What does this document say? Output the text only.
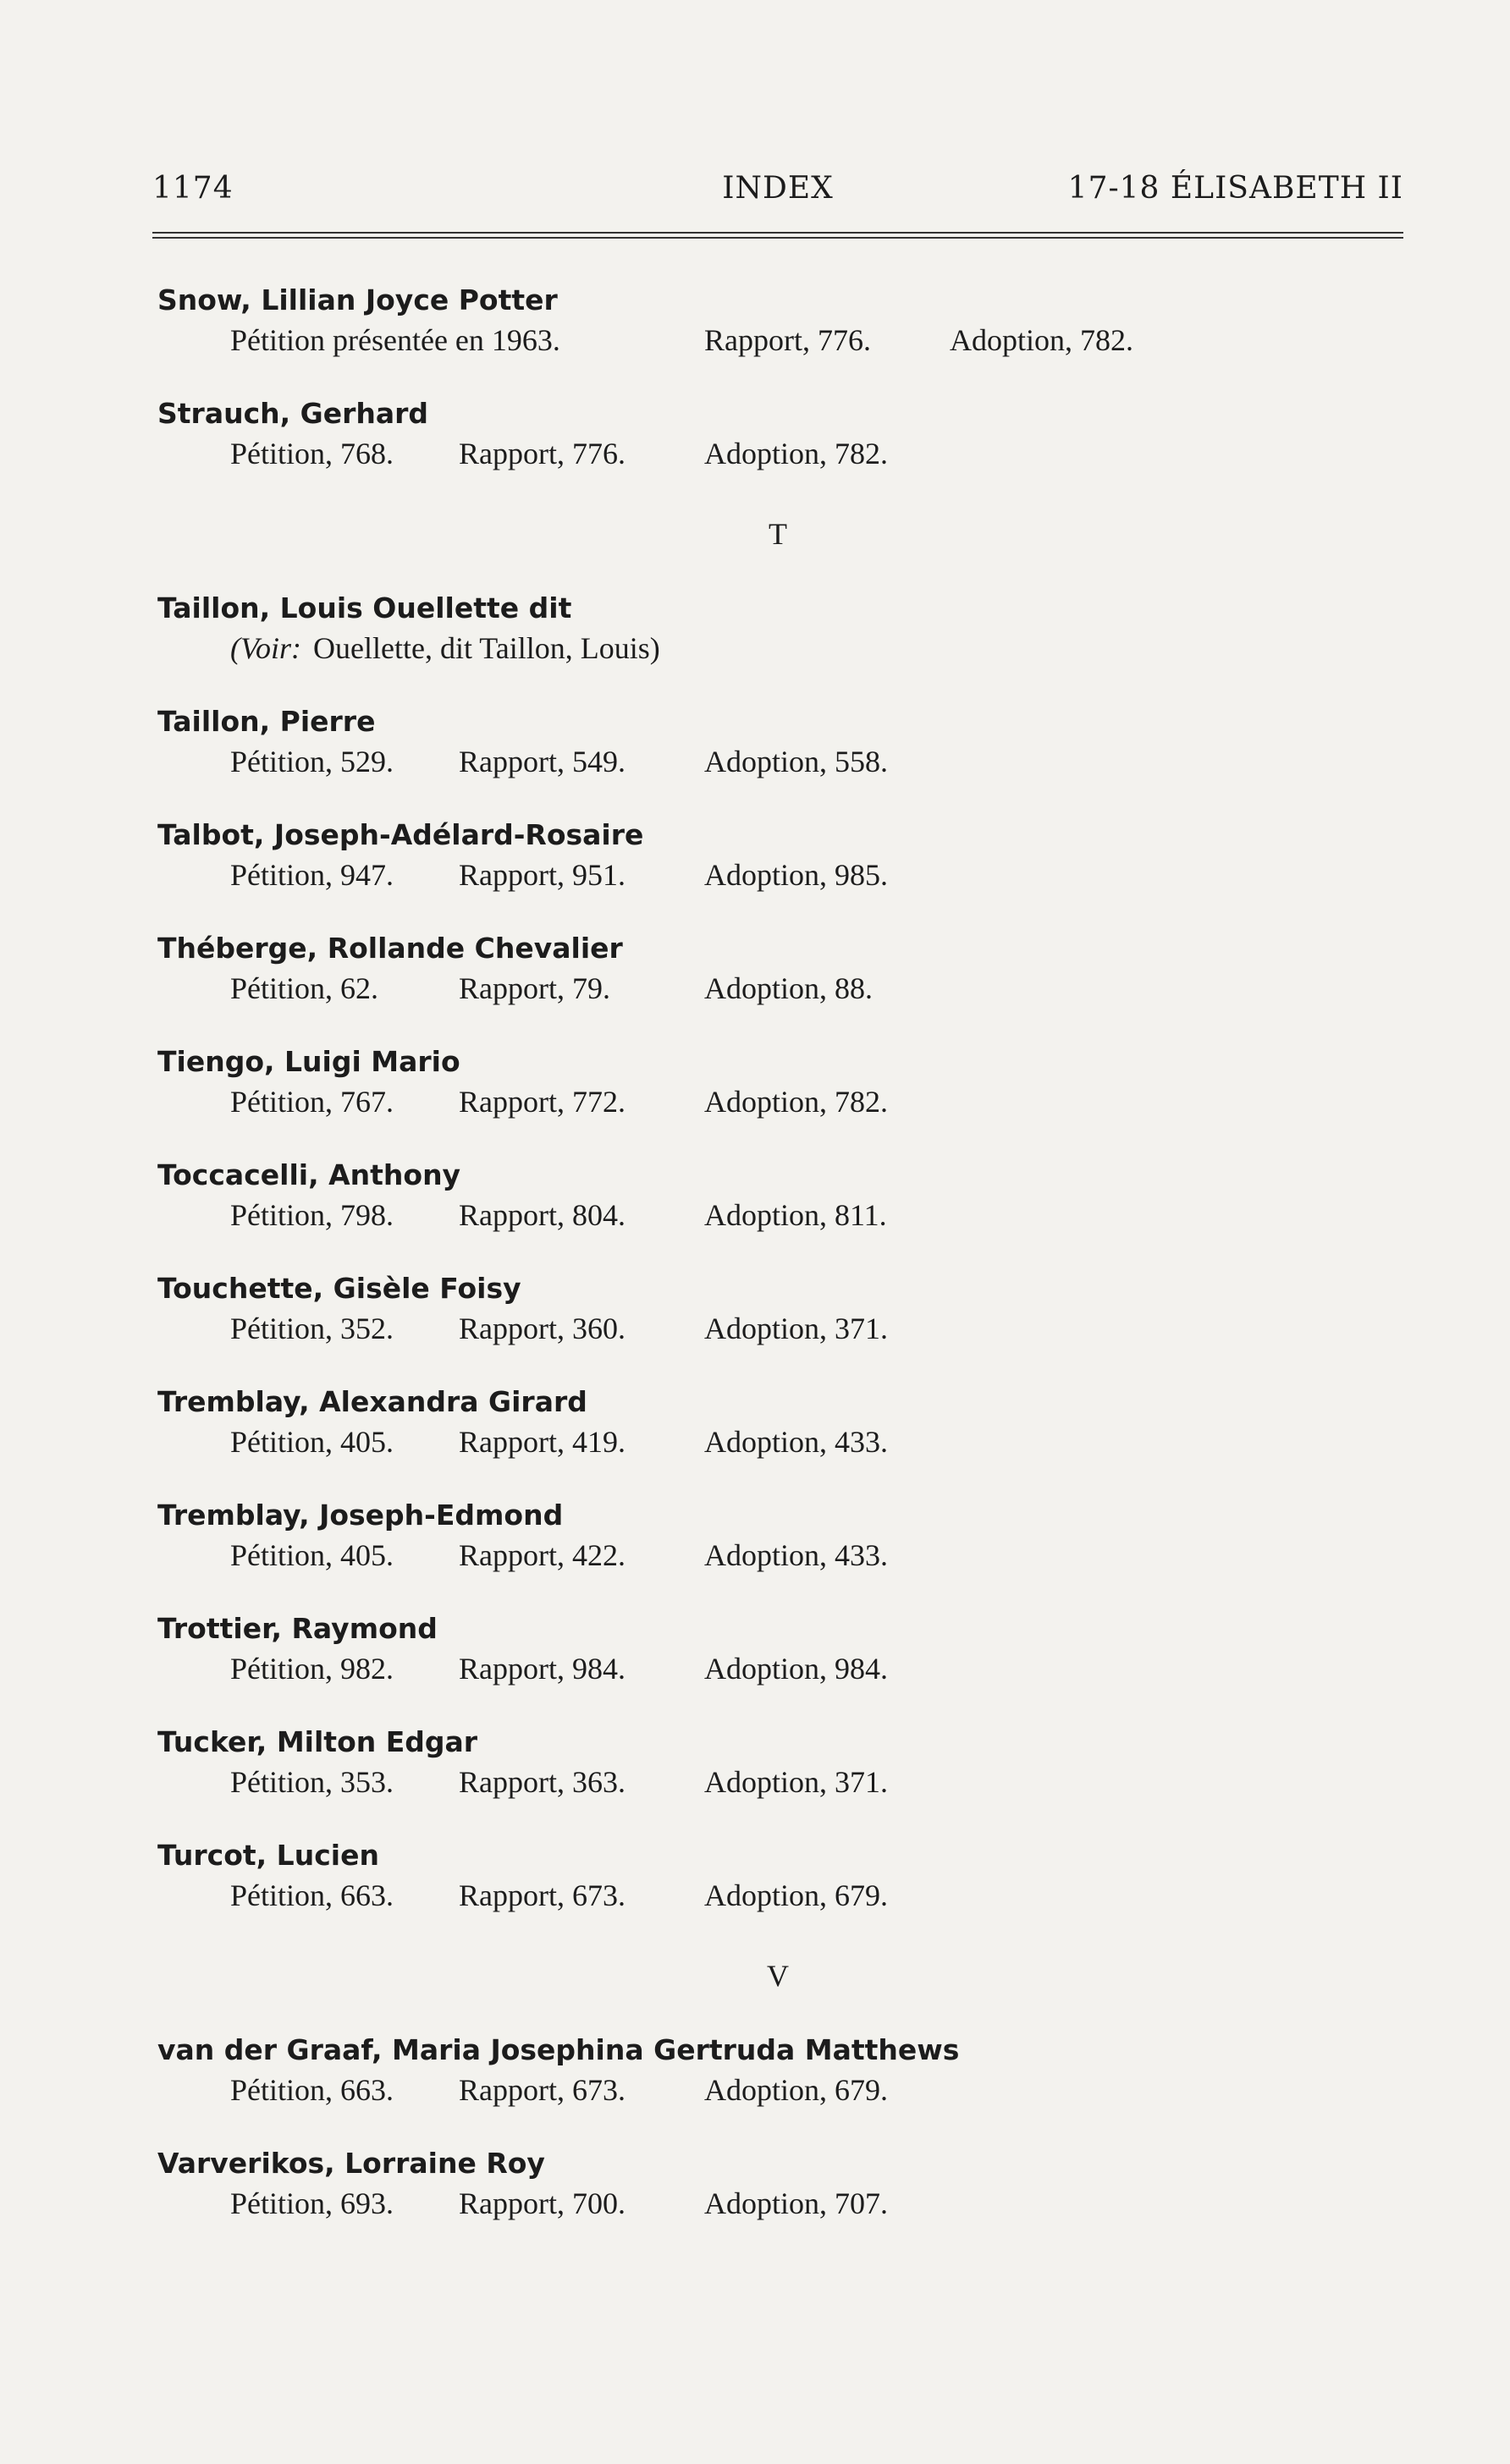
1174	INDEX	17-18 ÉLISABETH II
Snow, Lillian Joyce Potter
Pétition présentée en 1963.	Rapport, 776.	Adoption, 782.
Strauch, Gerhard
Pétition, 768. Rapport, 776.	Adoption, 782.
T
Taillon, Louis Ouellette dit
(Voir: Ouellette, dit Taillon, Louis)
Taillon, Pierre
Pétition, 529. Rapport, 549.	Adoption, 558.
Talbot, Joseph-Adélard-Rosaire
Pétition, 947. Rapport, 951.	Adoption, 985.
Théberge, Rollande Chevalier
Pétition, 62.	Rapport, 79.	Adoption, 88.
Tiengo, Luigi Mario
Pétition, 767. Rapport, 772.	Adoption, 782.
Toccacelli, Anthony
Pétition, 798. Rapport, 804.	Adoption, 811.
Touchette, Gisèle Foisy
Pétition, 352. Rapport, 360.	Adoption, 371.
Tremblay, Alexandra Girard
Pétition, 405. Rapport, 419.	Adoption, 433.
Tremblay, Joseph-Edmond
Pétition, 405. Rapport, 422.	Adoption, 433.
Trottier, Raymond
Pétition, 982. Rapport, 984.	Adoption, 984.
Tucker, Milton Edgar
Pétition, 353. Rapport, 363.	Adoption, 371.
Turcot, Lucien
Pétition, 663. Rapport, 673.	Adoption, 679.
V
van der Graaf, Maria Josephina Gertruda Matthews
Pétition, 663. Rapport, 673.	Adoption, 679.
Varverikos, Lorraine Roy
Pétition, 693. Rapport, 700.	Adoption, 707.
